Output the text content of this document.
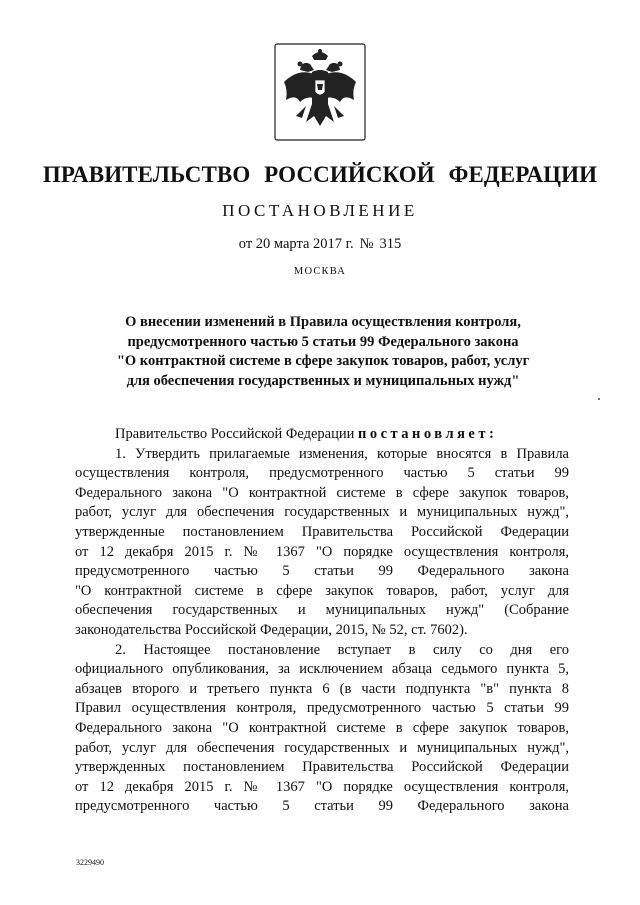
ПРАВИТЕЛЬСТВО РОССИЙСКОЙ ФЕДЕРАЦИИ
ПОСТАНОВЛЕНИЕ
от 20 марта 2017 г. № 315
МОСКВА
О внесении изменений в Правила осуществления контроля,
предусмотренного частью 5 статьи 99 Федерального закона
"О контрактной системе в сфере закупок товаров, работ, услуг
для обеспечения государственных и муниципальных нужд"
Правительство Российской Федерации постановляет:
1. Утвердить прилагаемые изменения, которые вносятся в Правила
осуществления контроля, предусмотренного частью 5 статьи 99
Федерального закона "О контрактной системе в сфере закупок товаров,
работ, услуг для обеспечения государственных и муниципальных нужд",
утвержденные постановлением Правительства Российской Федерации
от 12 декабря 2015 г. № 1367 "О порядке осуществления контроля,
предусмотренного частью 5 статьи 99 Федерального закона
"О контрактной системе в сфере закупок товаров, работ, услуг для
обеспечения государственных и муниципальных нужд" (Собрание
законодательства Российской Федерации, 2015, № 52, ст. 7602).
2. Настоящее постановление вступает в силу со дня его
официального опубликования, за исключением абзаца седьмого пункта 5,
абзацев второго и третьего пункта 6 (в части подпункта "в" пункта 8
Правил осуществления контроля, предусмотренного частью 5 статьи 99
Федерального закона "О контрактной системе в сфере закупок товаров,
работ, услуг для обеспечения государственных и муниципальных нужд",
утвержденных постановлением Правительства Российской Федерации
от 12 декабря 2015 г. № 1367 "О порядке осуществления контроля,
предусмотренного частью 5 статьи 99 Федерального закона
3229490
